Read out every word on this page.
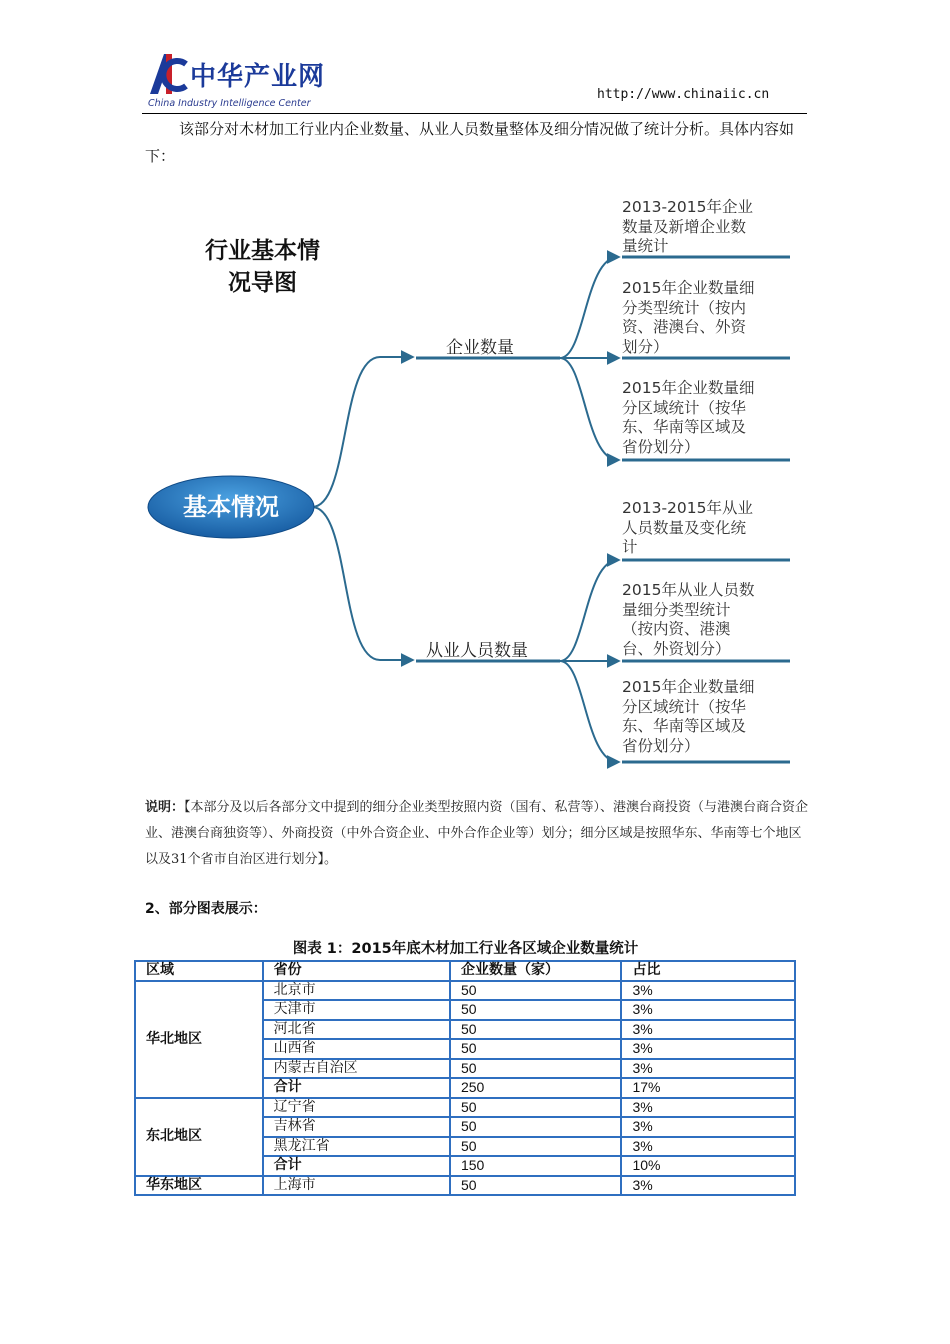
中华产业网
China Industry Intelligence Center
http://www.chinaiic.cn

该部分对木材加工行业内企业数量、从业人员数量整体及细分情况做了统计分析。具体内容如下：

行业基本情
况导图
基本情况
企业数量
从业人员数量
2013-2015年企业
数量及新增企业数
量统计
2015年企业数量细
分类型统计（按内
资、港澳台、外资
划分）
2015年企业数量细
分区域统计（按华
东、华南等区域及
省份划分）
2013-2015年从业
人员数量及变化统
计
2015年从业人员数
量细分类型统计
（按内资、港澳
台、外资划分）
2015年企业数量细
分区域统计（按华
东、华南等区域及
省份划分）

说明：【本部分及以后各部分文中提到的细分企业类型按照内资（国有、私营等）、港澳台商投资（与港澳台商合资企业、港澳台商独资等）、外商投资（中外合资企业、中外合作企业等）划分；细分区域是按照华东、华南等七个地区以及31个省市自治区进行划分】。

2、部分图表展示：
图表 1：2015年底木材加工行业各区域企业数量统计
区域	省份	企业数量（家）	占比
华北地区	北京市	50	3%
	天津市	50	3%
	河北省	50	3%
	山西省	50	3%
	内蒙古自治区	50	3%
	合计	250	17%
东北地区	辽宁省	50	3%
	吉林省	50	3%
	黑龙江省	50	3%
	合计	150	10%
华东地区	上海市	50	3%
